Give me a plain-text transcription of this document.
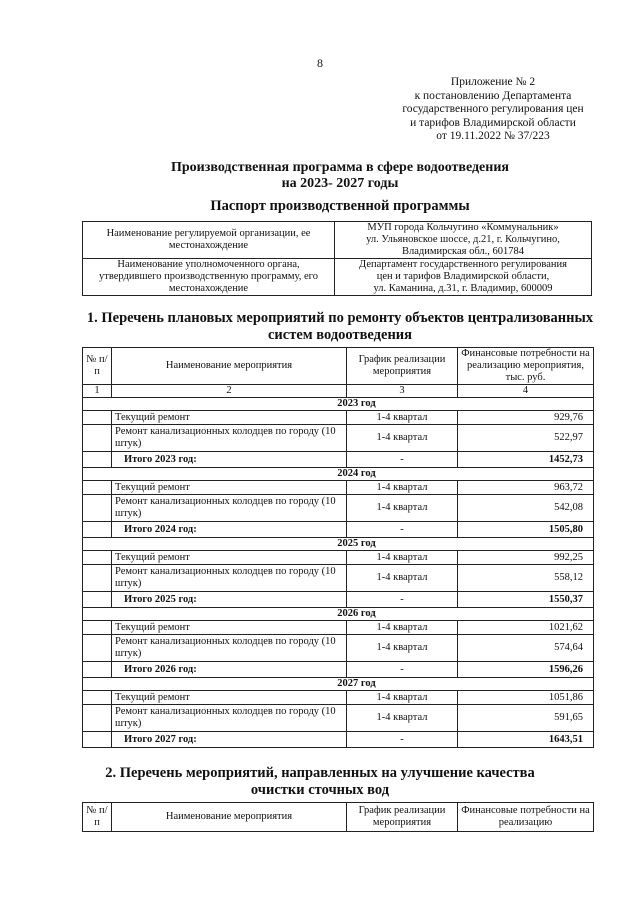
8
Приложение № 2
к постановлению Департамента
государственного регулирования цен
и тарифов Владимирской области
от 19.11.2022 № 37/223
Производственная программа в сфере водоотведения
на 2023- 2027 годы
Паспорт производственной программы
Наименование регулируемой организации, ее местонахождение	МУП города Кольчугино «Коммунальник»
ул. Ульяновское шоссе, д.21, г. Кольчугино,
Владимирская обл., 601784

Наименование уполномоченного органа, утвердившего производственную программу, его местонахождение	Департамент государственного регулирования
цен и тарифов Владимирской области,
ул. Каманина, д.31, г. Владимир, 600009
1. Перечень плановых мероприятий по ремонту объектов централизованных
систем водоотведения
№ п/п	Наименование мероприятия	График реализации мероприятия	Финансовые потребности на реализацию мероприятия, тыс. руб.
1	2	3	4
2023 год			
	Текущий ремонт	1-4 квартал	929,76
	Ремонт канализационных колодцев по городу (10 штук)	1-4 квартал	522,97
	Итого 2023 год:	-	1452,73
2024 год			
	Текущий ремонт	1-4 квартал	963,72
	Ремонт канализационных колодцев по городу (10 штук)	1-4 квартал	542,08
	Итого 2024 год:	-	1505,80
2025 год			
	Текущий ремонт	1-4 квартал	992,25
	Ремонт канализационных колодцев по городу (10 штук)	1-4 квартал	558,12
	Итого 2025 год:	-	1550,37
2026 год			
	Текущий ремонт	1-4 квартал	1021,62
	Ремонт канализационных колодцев по городу (10 штук)	1-4 квартал	574,64
	Итого 2026 год:	-	1596,26
2027 год			
	Текущий ремонт	1-4 квартал	1051,86
	Ремонт канализационных колодцев по городу (10 штук)	1-4 квартал	591,65
	Итого 2027 год:	-	1643,51
2. Перечень мероприятий, направленных на улучшение качества
очистки сточных вод
№ п/п	Наименование мероприятия	График реализации мероприятия	Финансовые потребности на реализацию
